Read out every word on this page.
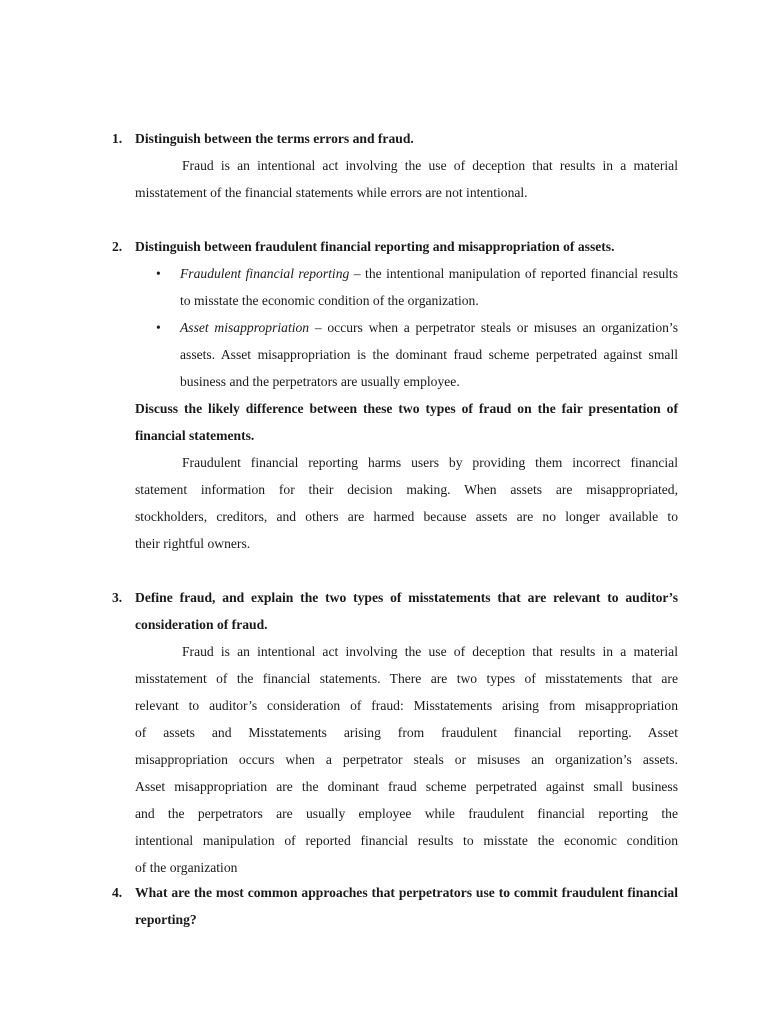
1. Distinguish between the terms errors and fraud.
Fraud is an intentional act involving the use of deception that results in a material
misstatement of the financial statements while errors are not intentional.
2. Distinguish between fraudulent financial reporting and misappropriation of assets.
• Fraudulent financial reporting – the intentional manipulation of reported financial results to misstate the economic condition of the organization.
• Asset misappropriation – occurs when a perpetrator steals or misuses an organization’s assets. Asset misappropriation is the dominant fraud scheme perpetrated against small business and the perpetrators are usually employee.
Discuss the likely difference between these two types of fraud on the fair presentation of financial statements.
Fraudulent financial reporting harms users by providing them incorrect financial
statement information for their decision making. When assets are misappropriated,
stockholders, creditors, and others are harmed because assets are no longer available to
their rightful owners.
3. Define fraud, and explain the two types of misstatements that are relevant to auditor’s consideration of fraud.
Fraud is an intentional act involving the use of deception that results in a material
misstatement of the financial statements. There are two types of misstatements that are
relevant to auditor’s consideration of fraud: Misstatements arising from misappropriation
of assets and Misstatements arising from fraudulent financial reporting. Asset
misappropriation occurs when a perpetrator steals or misuses an organization’s assets.
Asset misappropriation are the dominant fraud scheme perpetrated against small business
and the perpetrators are usually employee while fraudulent financial reporting the
intentional manipulation of reported financial results to misstate the economic condition
of the organization
4. What are the most common approaches that perpetrators use to commit fraudulent financial reporting?
